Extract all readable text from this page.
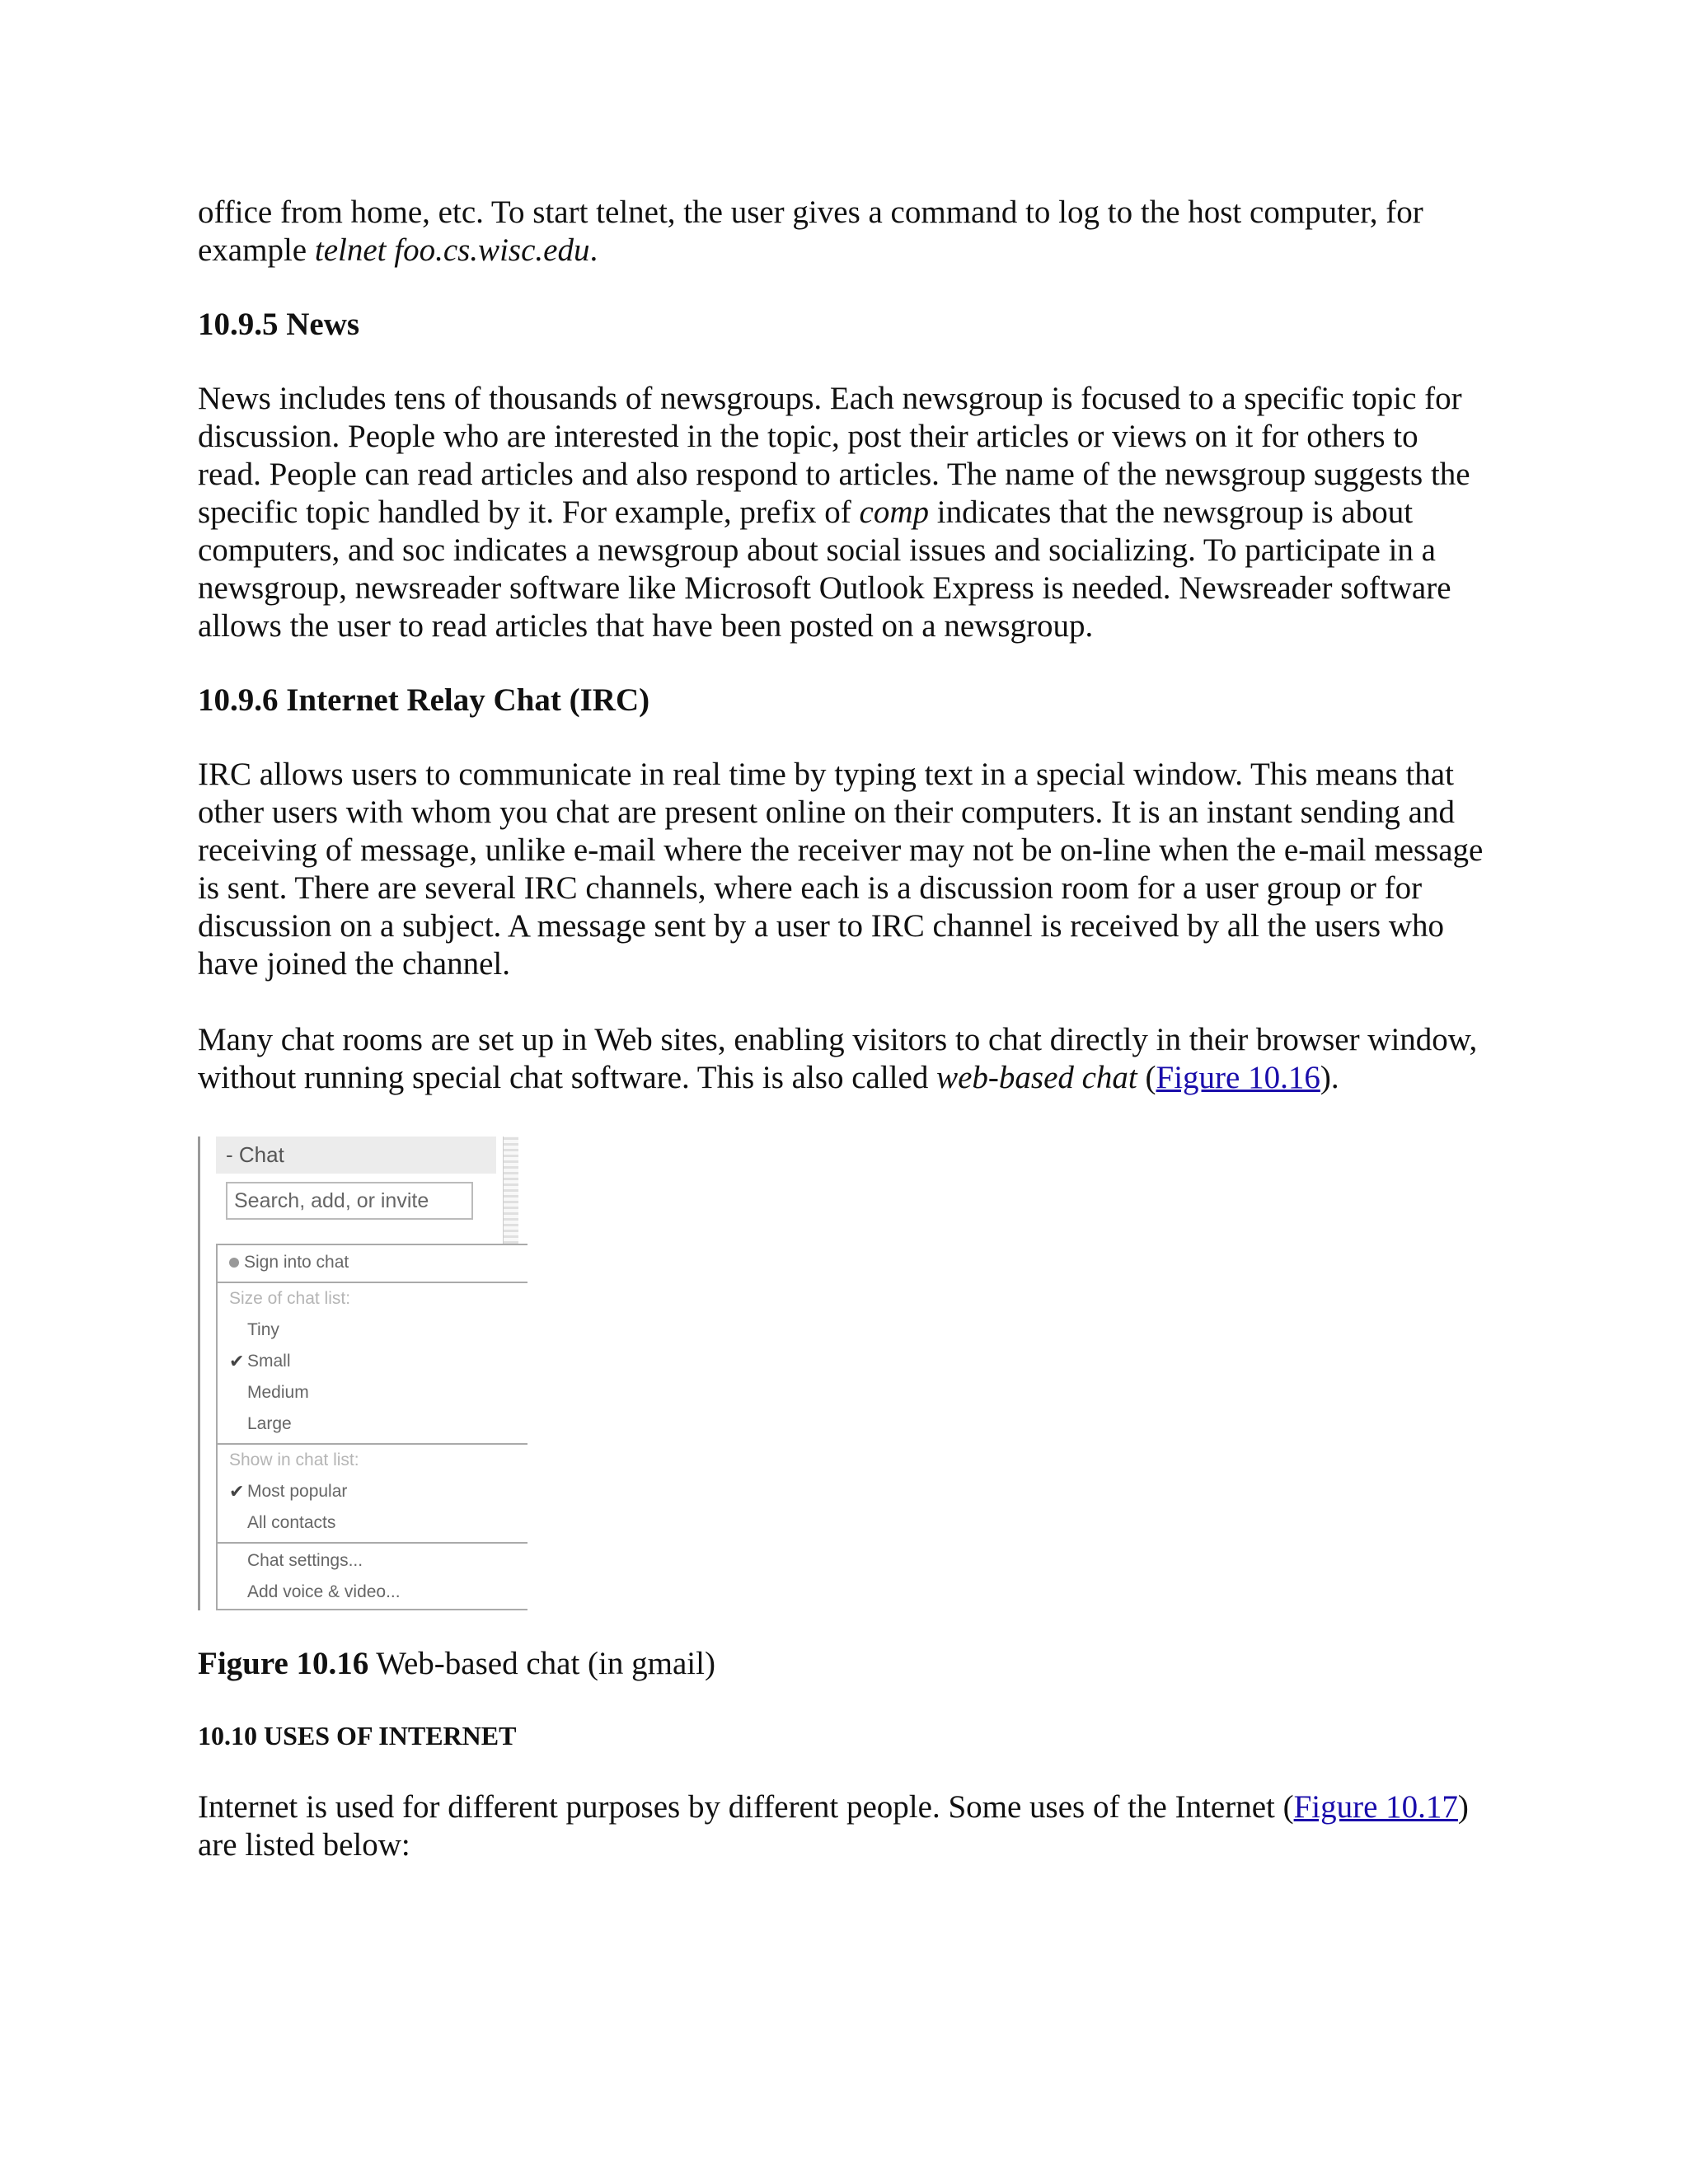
office from home, etc. To start telnet, the user gives a command to log to the host computer, for example telnet foo.cs.wisc.edu.

10.9.5 News

News includes tens of thousands of newsgroups. Each newsgroup is focused to a specific topic for discussion. People who are interested in the topic, post their articles or views on it for others to read. People can read articles and also respond to articles. The name of the newsgroup suggests the specific topic handled by it. For example, prefix of comp indicates that the newsgroup is about computers, and soc indicates a newsgroup about social issues and socializing. To participate in a newsgroup, newsreader software like Microsoft Outlook Express is needed. Newsreader software allows the user to read articles that have been posted on a newsgroup.

10.9.6 Internet Relay Chat (IRC)

IRC allows users to communicate in real time by typing text in a special window. This means that other users with whom you chat are present online on their computers. It is an instant sending and receiving of message, unlike e-mail where the receiver may not be on-line when the e-mail message is sent. There are several IRC channels, where each is a discussion room for a user group or for discussion on a subject. A message sent by a user to IRC channel is received by all the users who have joined the channel.

Many chat rooms are set up in Web sites, enabling visitors to chat directly in their browser window, without running special chat software. This is also called web-based chat (Figure 10.16).

- Chat
Search, add, or invite
Sign into chat
Size of chat list:
Tiny
✔ Small
Medium
Large
Show in chat list:
✔ Most popular
All contacts
Chat settings...
Add voice & video...
Figure 10.16 Web-based chat (in gmail)
10.10 USES OF INTERNET

Internet is used for different purposes by different people. Some uses of the Internet (Figure 10.17) are listed below:
